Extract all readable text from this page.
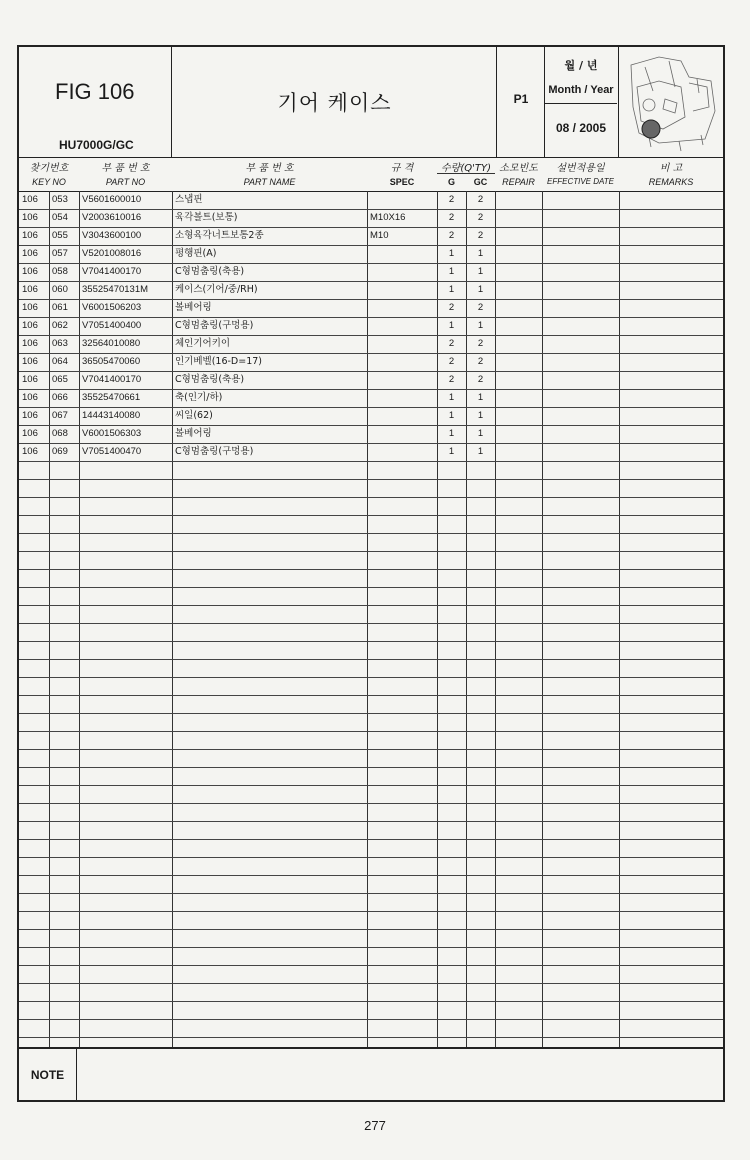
FIG 106
HU7000G/GC
기어 케이스	P1
월 / 년
Month / Year
08 / 2005
찾기번호
KEY NO
부 품 번 호
PART NO
부 품 번 호
PART NAME
규 격
SPEC
수량(Q'TY)
G	GC
소모빈도
REPAIR
설번적용일
EFFECTIVE DATE
비 고
REMARKS
106 053 V5601600010	스냅핀	2	2
106 054 V2003610016	육각볼트(보통)	M10X16	2	2
106 055 V3043600100	소형육각너트보통2종	M10	2	2
106 057 V5201008016	평행핀(A)	1	1
106 058 V7041400170	C형멈춤링(축용)	1	1
106 060 35525470131M	케이스(기어/중/RH)	1	1
106 061 V6001506203	볼베어링	2	2
106 062 V7051400400	C형멈춤링(구멍용)	1	1
106 063 32564010080	체인기어키이	2	2
106 064 36505470060	인기베벨(16-D=17)	2	2
106 065 V7041400170	C형멈춤링(축용)	2	2
106 066 35525470661	축(인기/하)	1	1
106 067 14443140080	씨일(62)	1	1
106 068 V6001506303	볼베어링	1	1
106 069 V7051400470	C형멈춤링(구멍용)	1	1
NOTE
277
